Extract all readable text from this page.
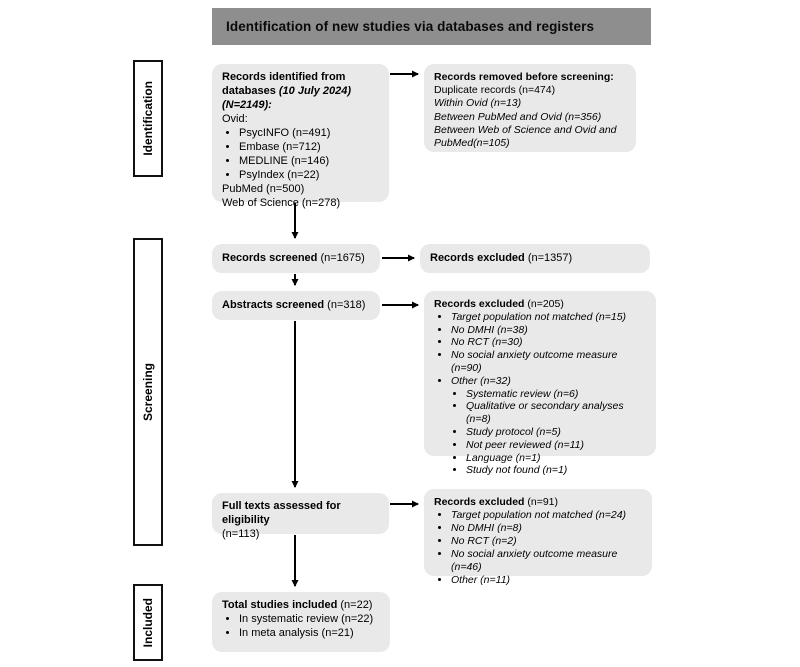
Identification of new studies via databases and registers
Identification
Screening
Included
Records identified from databases (10 July 2024) (N=2149):
Ovid:
• PsycINFO (n=491)
• Embase (n=712)
• MEDLINE (n=146)
• PsyIndex (n=22)
PubMed (n=500)
Web of Science (n=278)
Records removed before screening:
Duplicate records (n=474)
Within Ovid (n=13)
Between PubMed and Ovid (n=356)
Between Web of Science and Ovid and PubMed(n=105)
Records screened (n=1675)	Records excluded (n=1357)
Abstracts screened (n=318)	Records excluded (n=205)
• Target population not matched (n=15)
• No DMHI (n=38)
• No RCT (n=30)
• No social anxiety outcome measure (n=90)
• Other (n=32)
• Systematic review (n=6)
• Qualitative or secondary analyses (n=8)
• Study protocol (n=5)
• Not peer reviewed (n=11)
• Language (n=1)
• Study not found (n=1)
Full texts assessed for eligibility
(n=113)
Records excluded (n=91)
• Target population not matched (n=24)
• No DMHI (n=8)
• No RCT (n=2)
• No social anxiety outcome measure (n=46)
• Other (n=11)
Total studies included (n=22)
• In systematic review (n=22)
• In meta analysis (n=21)
